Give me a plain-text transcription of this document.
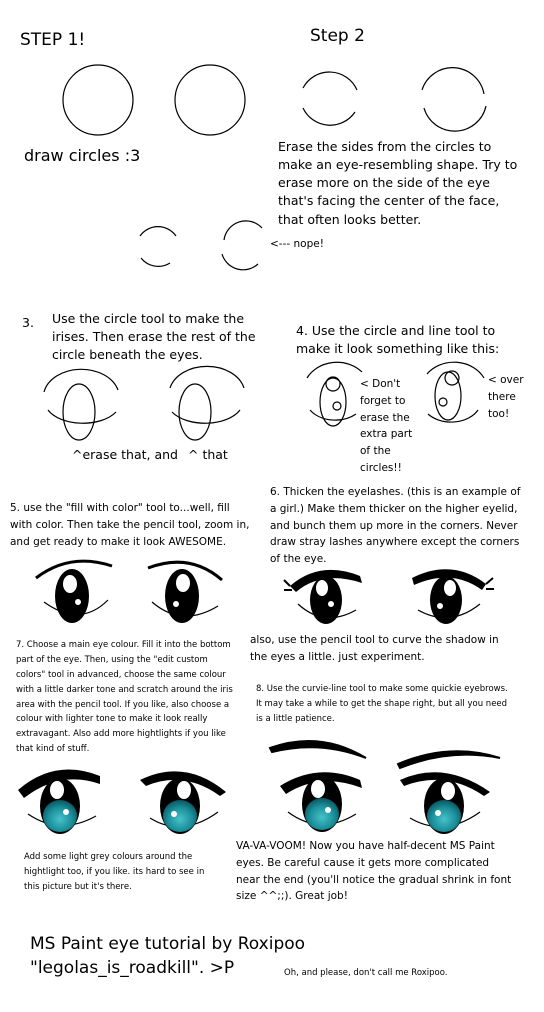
STEP 1!	Step 2

draw circles :3	Erase the sides from the circles to make an eye-resembling shape. Try to erase more on the side of the eye that's facing the center of the face, that often looks better.

<--- nope!

3. Use the circle tool to make the irises. Then erase the rest of the circle beneath the eyes.

^erase that, and ^ that

4. Use the circle and line tool to make it look something like this:

< Don't forget to erase the extra part of the circles!!

< over there too!

5. use the "fill with color" tool to...well, fill with color. Then take the pencil tool, zoom in, and get ready to make it look AWESOME.

6. Thicken the eyelashes. (this is an example of a girl.) Make them thicker on the higher eyelid, and bunch them up more in the corners. Never draw stray lashes anywhere except the corners of the eye.

also, use the pencil tool to curve the shadow in the eyes a little. just experiment.

7. Choose a main eye colour. Fill it into the bottom part of the eye. Then, using the "edit custom colors" tool in advanced, choose the same colour with a little darker tone and scratch around the iris area with the pencil tool. If you like, also choose a colour with lighter tone to make it look really extravagant. Also add more hightlights if you like that kind of stuff.

8. Use the curvie-line tool to make some quickie eyebrows. It may take a while to get the shape right, but all you need is a little patience.

Add some light grey colours around the hightlight too, if you like. its hard to see in this picture but it's there.

VA-VA-VOOM! Now you have half-decent MS Paint eyes. Be careful cause it gets more complicated near the end (you'll notice the gradual shrink in font size ^^;;). Great job!

MS Paint eye tutorial by Roxipoo

"legolas_is_roadkill". >P	Oh, and please, don't call me Roxipoo.
